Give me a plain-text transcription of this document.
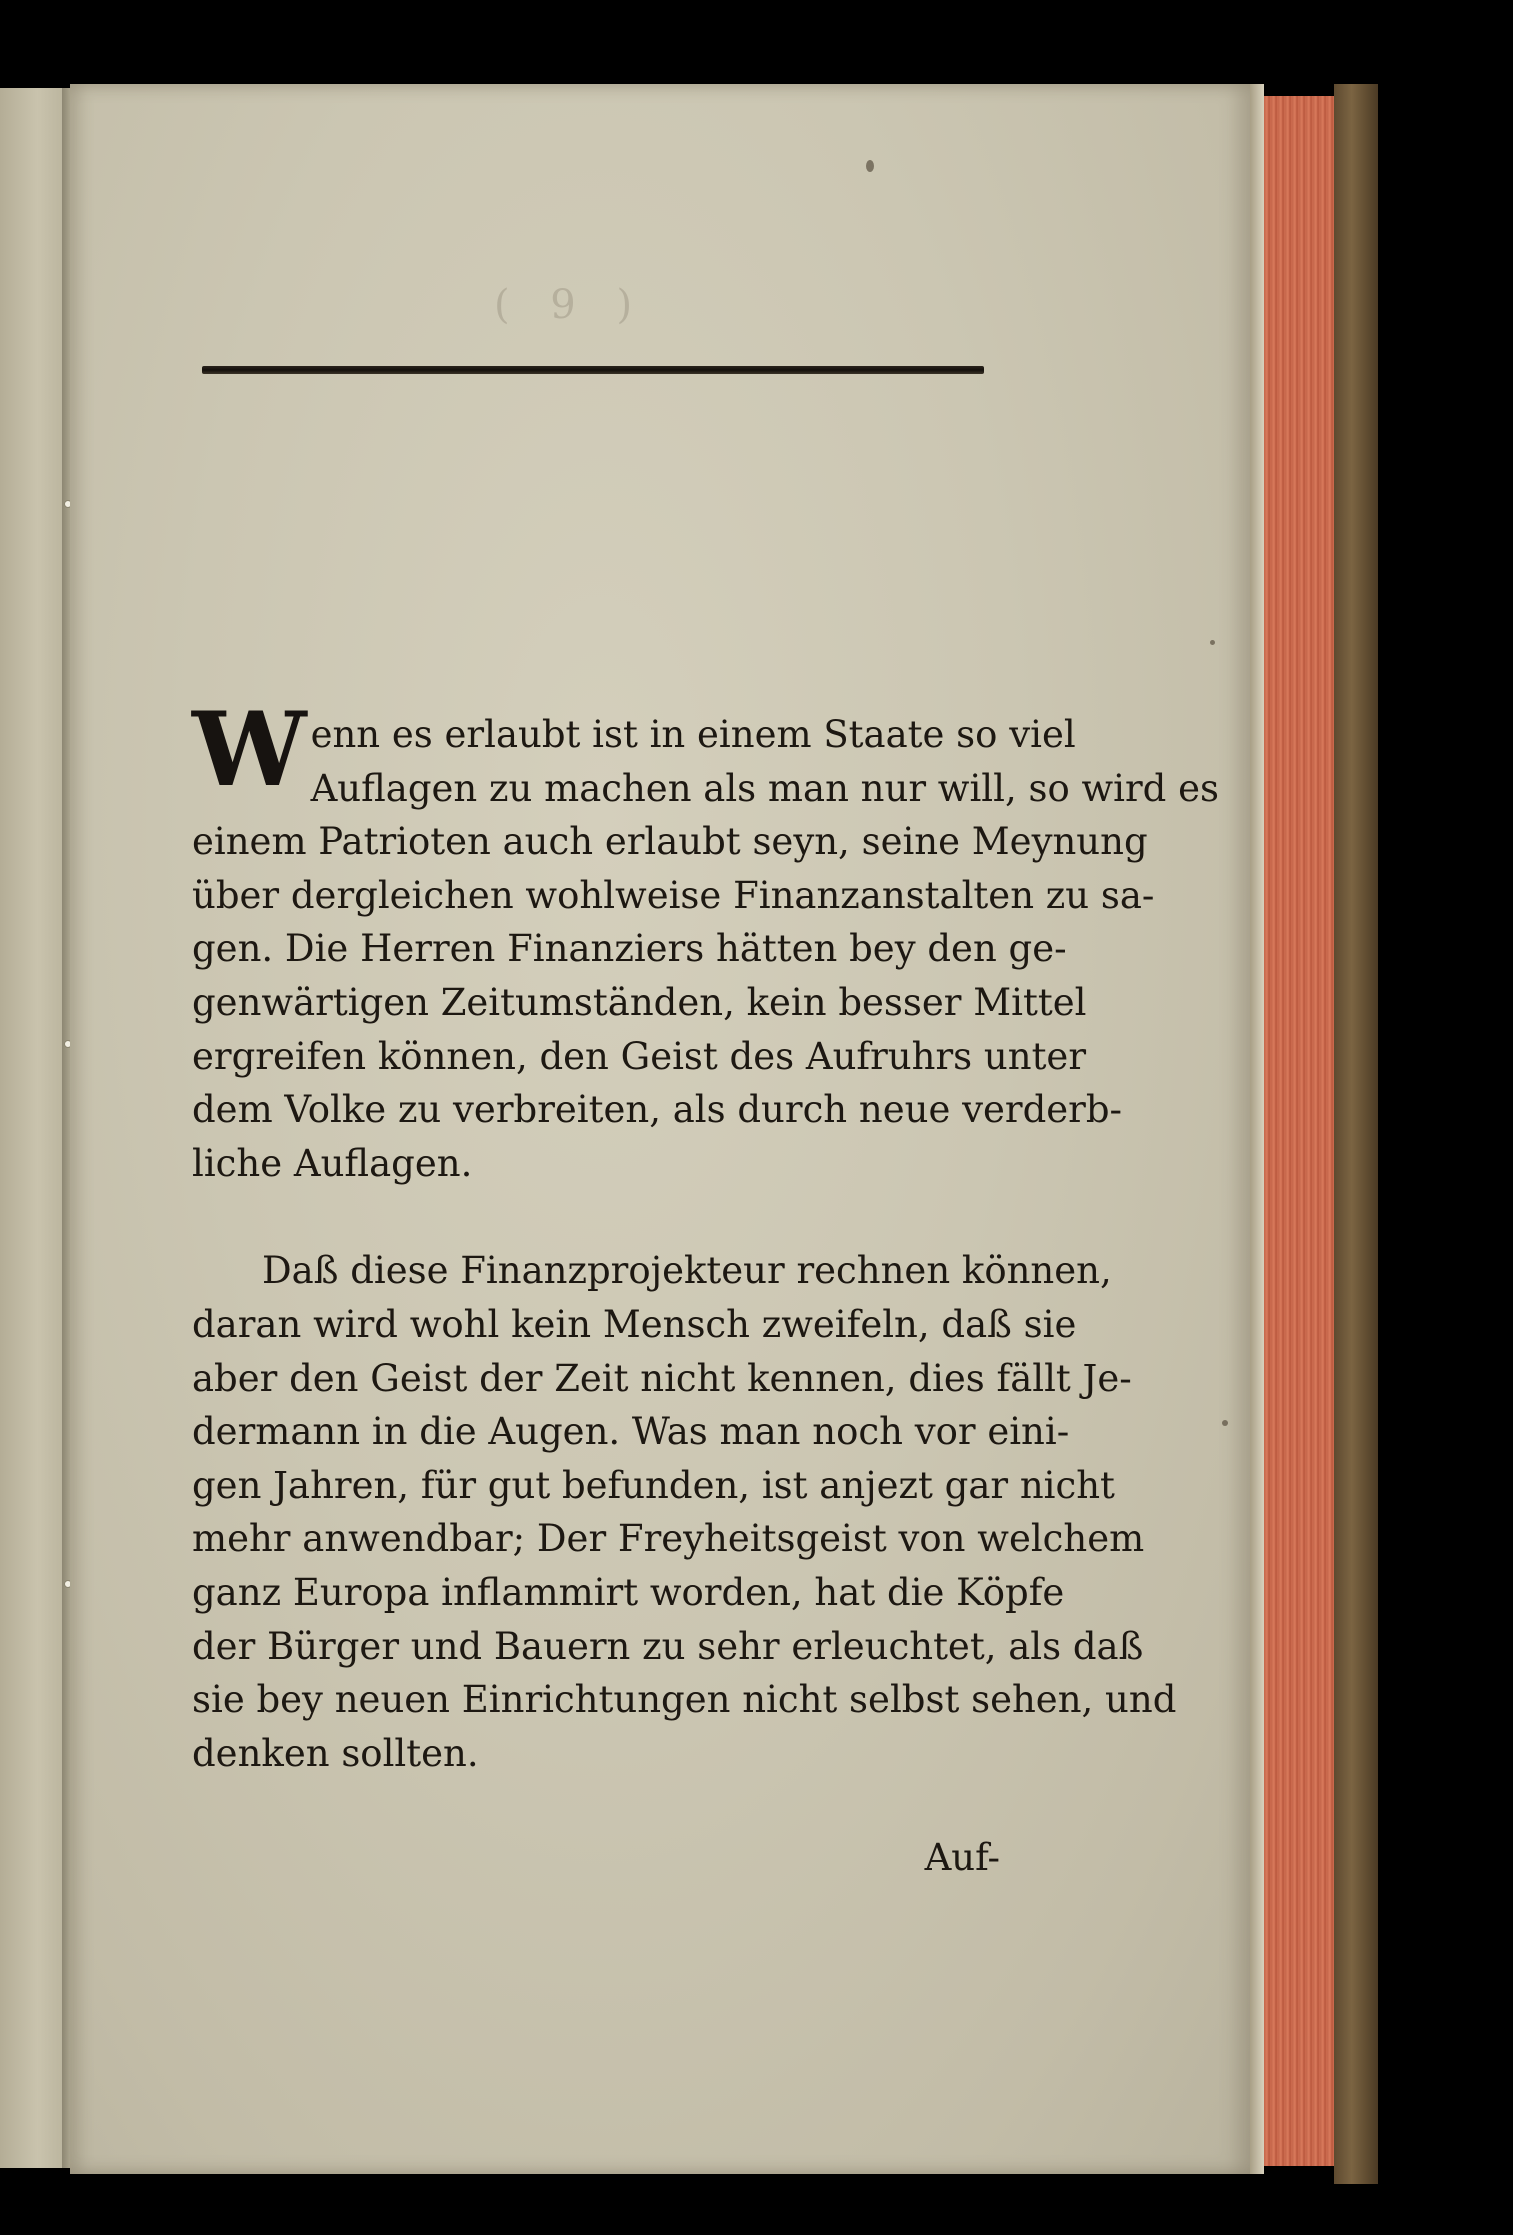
( 9 )
W enn es erlaubt ist in einem Staate so viel
Auflagen zu machen als man nur will, so wird es
einem Patrioten auch erlaubt seyn, seine Meynung
über dergleichen wohlweise Finanzanstalten zu sa-
gen. Die Herren Finanziers hätten bey den ge-
genwärtigen Zeitumständen, kein besser Mittel
ergreifen können, den Geist des Aufruhrs unter
dem Volke zu verbreiten, als durch neue verderb-
liche Auflagen.
Daß diese Finanzprojekteur rechnen können,
daran wird wohl kein Mensch zweifeln, daß sie
aber den Geist der Zeit nicht kennen, dies fällt Je-
dermann in die Augen. Was man noch vor eini-
gen Jahren, für gut befunden, ist anjezt gar nicht
mehr anwendbar; Der Freyheitsgeist von welchem
ganz Europa inflammirt worden, hat die Köpfe
der Bürger und Bauern zu sehr erleuchtet, als daß
sie bey neuen Einrichtungen nicht selbst sehen, und
denken sollten.
Auf-
